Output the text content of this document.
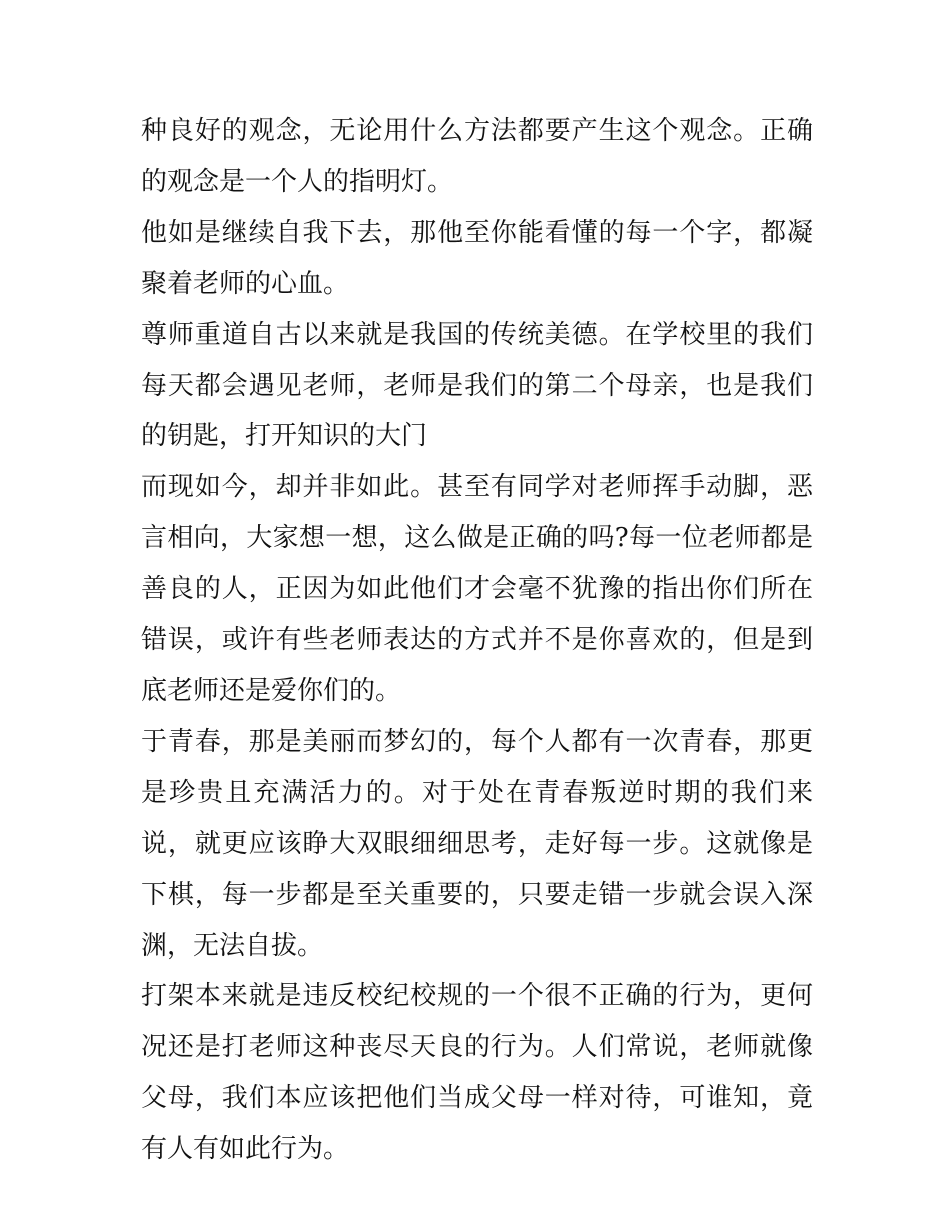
种良好的观念，无论用什么方法都要产生这个观念。正确的观念是一个人的指明灯。

他如是继续自我下去，那他至你能看懂的每一个字，都凝聚着老师的心血。

尊师重道自古以来就是我国的传统美德。在学校里的我们每天都会遇见老师，老师是我们的第二个母亲，也是我们的钥匙，打开知识的大门

而现如今，却并非如此。甚至有同学对老师挥手动脚，恶言相向，大家想一想，这么做是正确的吗?每一位老师都是善良的人，正因为如此他们才会毫不犹豫的指出你们所在错误，或许有些老师表达的方式并不是你喜欢的，但是到底老师还是爱你们的。

于青春，那是美丽而梦幻的，每个人都有一次青春，那更是珍贵且充满活力的。对于处在青春叛逆时期的我们来说，就更应该睁大双眼细细思考，走好每一步。这就像是下棋，每一步都是至关重要的，只要走错一步就会误入深渊，无法自拔。

打架本来就是违反校纪校规的一个很不正确的行为，更何况还是打老师这种丧尽天良的行为。人们常说，老师就像父母，我们本应该把他们当成父母一样对待，可谁知，竟有人有如此行为。
